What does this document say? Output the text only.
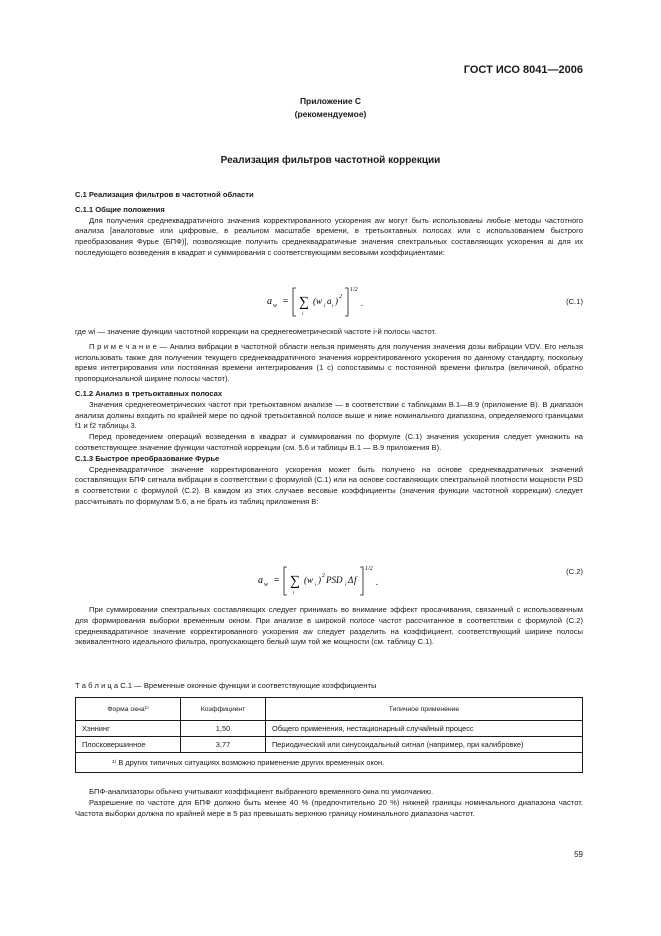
ГОСТ ИСО 8041—2006
Приложение С
(рекомендуемое)
Реализация фильтров частотной коррекции

С.1 Реализация фильтров в частотной области

С.1.1 Общие положения

Для получения среднеквадратичного значения корректированного ускорения aw могут быть использованы любые методы частотного анализа [аналоговые или цифровые, в реальном масштабе времени, в третьоктавных полосах или с использованием быстрого преобразования Фурье (БПФ)], позволяющие получить среднеквадратичные значения спектральных составляющих ускорения ai для их последующего возведения в квадрат и суммирования с соответствующими весовыми коэффициентами:

a w = ∑
i
(w
i
a
i
) 2
1/2
.	(С.1)

где wi — значение функции частотной коррекции на среднегеометрической частоте i-й полосы частот.

П р и м е ч а н и е — Анализ вибрации в частотной области нельзя применять для получения значения дозы вибрации VDV. Его нельзя использовать также для получения текущего среднеквадратичного значения корректированного ускорения по данному стандарту, поскольку время интегрирования или постоянная времени интегрирования (1 с) сопоставимы с постоянной времени фильтра (величиной, обратно пропорциональной ширине полосы частот).

С.1.2 Анализ в третьоктавных полосах

Значения среднегеометрических частот при третьоктавном анализе — в соответствии с таблицами В.1—В.9 (приложение В). В диапазон анализа должны входить по крайней мере по одной третьоктавной полосе выше и ниже номинального диапазона, определяемого границами f1 и f2 таблицы 3.

Перед проведением операций возведения в квадрат и суммирования по формуле (С.1) значения ускорения следует умножить на соответствующее значение функции частотной коррекции (см. 5.6 и таблицы В.1 — В.9 приложения В).

С.1.3 Быстрое преобразование Фурье

Среднеквадратичное значение корректированного ускорения может быть получено на основе среднеквадратичных значений составляющих БПФ сигнала вибрации в соответствии с формулой (С.1) или на основе составляющих спектральной плотности мощности PSD в соответствии с формулой (С.2). В каждом из этих случаев весовые коэффициенты (значения функции частотной коррекции) следует рассчитывать по формулам 5.6, а не брать из таблиц приложения В:

a w = ∑
i
(w
i
) 2 PSD
i
Δ f
1/2
.
(С.2)

При суммировании спектральных составляющих следует принимать во внимание эффект просачивания, связанный с использованным для формирования выборки временным окном. При анализе в широкой полосе частот рассчитанное в соответствии с формулой (С.2) среднеквадратичное значение корректированного ускорения aw следует разделить на коэффициент, соответствующий ширине полосы эквивалентного идеального фильтра, пропускающего белый шум той же мощности (см. таблицу С.1).

Т а б л и ц а С.1 — Временные оконные функции и соответствующие коэффициенты
Форма окна¹⁾	Коэффициент	Типичное применение
Хэннинг	1,50	Общего применения, нестационарный случайный процесс
Плосковершинное	3,77	Периодический или синусоидальный сигнал (например, при калибровке)
¹⁾ В других типичных ситуациях возможно применение других временных окон.		

БПФ-анализаторы обычно учитывают коэффициент выбранного временного окна по умолчанию.

Разрешение по частоте для БПФ должно быть менее 40 % (предпочтительно 20 %) нижней границы номинального диапазона частот. Частота выборки должна по крайней мере в 5 раз превышать верхнюю границу номинального диапазона частот.

59
